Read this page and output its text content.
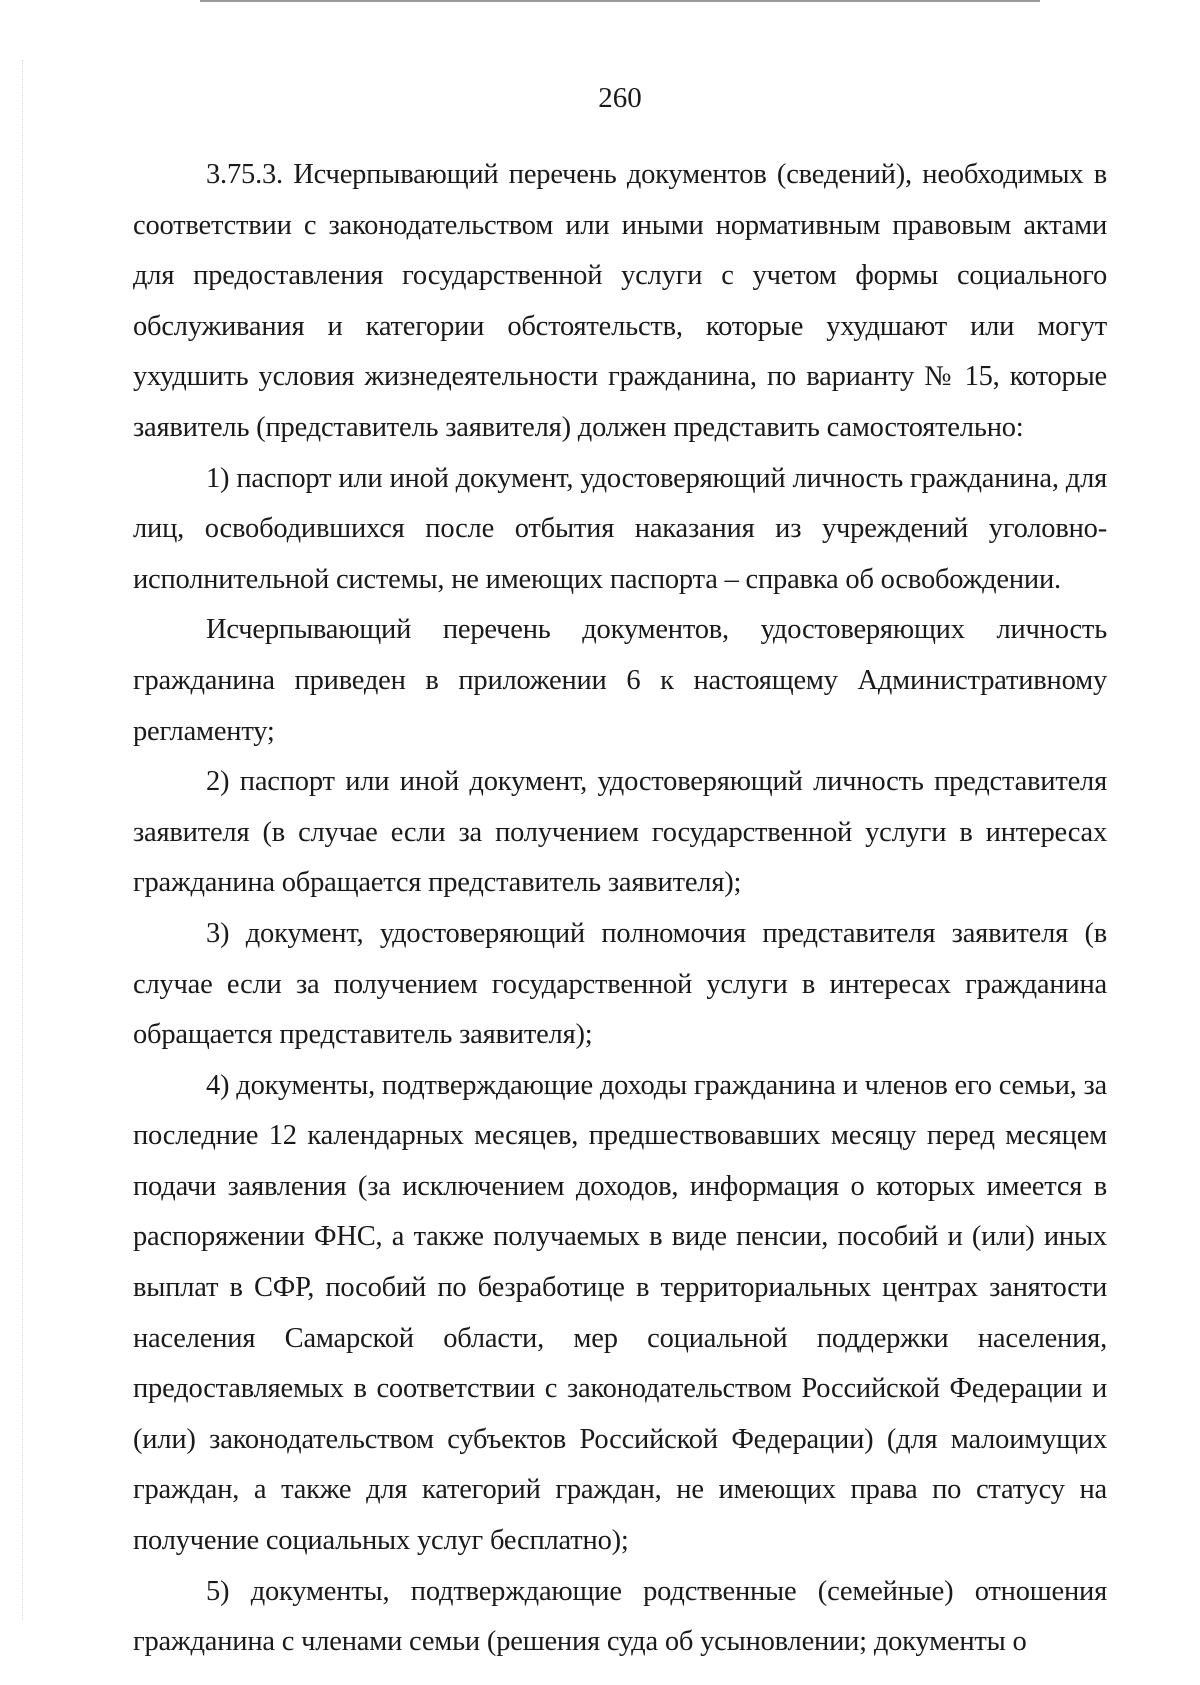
260

3.75.3. Исчерпывающий перечень документов (сведений), необходимых в соответствии с законодательством или иными нормативным правовым актами для предоставления государственной услуги с учетом формы социального обслуживания и категории обстоятельств, которые ухудшают или могут ухудшить условия жизнедеятельности гражданина, по варианту № 15, которые заявитель (представитель заявителя) должен представить самостоятельно:

1) паспорт или иной документ, удостоверяющий личность гражданина, для лиц, освободившихся после отбытия наказания из учреждений уголовно-исполнительной системы, не имеющих паспорта – справка об освобождении.

Исчерпывающий перечень документов, удостоверяющих личность гражданина приведен в приложении 6 к настоящему Административному регламенту;

2) паспорт или иной документ, удостоверяющий личность представителя заявителя (в случае если за получением государственной услуги в интересах гражданина обращается представитель заявителя);

3) документ, удостоверяющий полномочия представителя заявителя (в случае если за получением государственной услуги в интересах гражданина обращается представитель заявителя);

4) документы, подтверждающие доходы гражданина и членов его семьи, за последние 12 календарных месяцев, предшествовавших месяцу перед месяцем подачи заявления (за исключением доходов, информация о которых имеется в распоряжении ФНС, а также получаемых в виде пенсии, пособий и (или) иных выплат в СФР, пособий по безработице в территориальных центрах занятости населения Самарской области, мер социальной поддержки населения, предоставляемых в соответствии с законодательством Российской Федерации и (или) законодательством субъектов Российской Федерации) (для малоимущих граждан, а также для категорий граждан, не имеющих права по статусу на получение социальных услуг бесплатно);

5) документы, подтверждающие родственные (семейные) отношения гражданина с членами семьи (решения суда об усыновлении; документы о
